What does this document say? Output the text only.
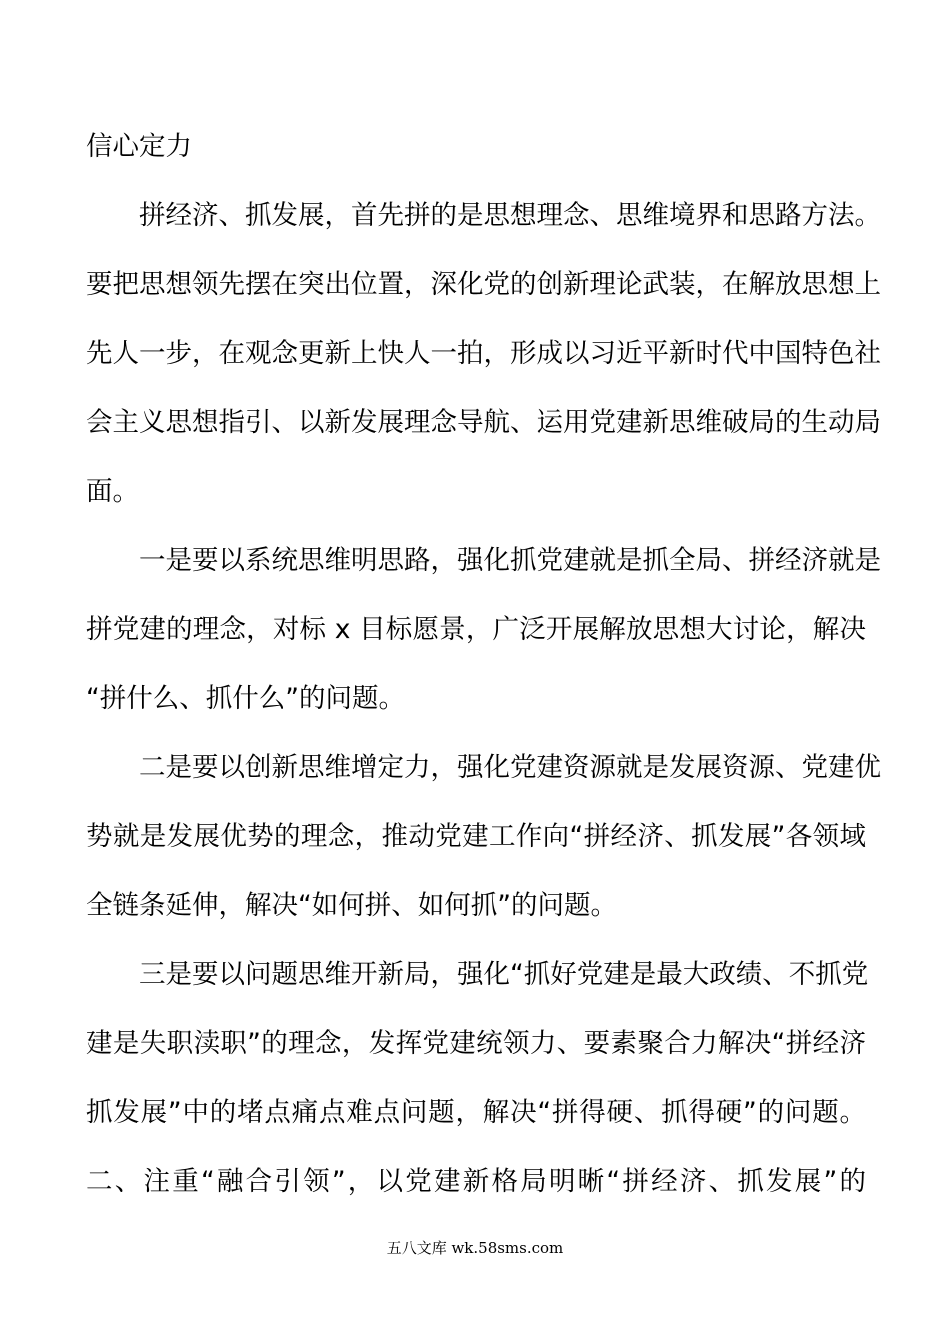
信心定力
　　拼经济、抓发展，首先拼的是思想理念、思维境界和思路方法。
要把思想领先摆在突出位置，深化党的创新理论武装，在解放思想上
先人一步，在观念更新上快人一拍，形成以习近平新时代中国特色社
会主义思想指引、以新发展理念导航、运用党建新思维破局的生动局
面。
　　一是要以系统思维明思路，强化抓党建就是抓全局、拼经济就是
拼党建的理念，对标 x 目标愿景，广泛开展解放思想大讨论，解决
“拼什么、抓什么”的问题。
　　二是要以创新思维增定力，强化党建资源就是发展资源、党建优
势就是发展优势的理念，推动党建工作向“拼经济、抓发展”各领域
全链条延伸，解决“如何拼、如何抓”的问题。
　　三是要以问题思维开新局，强化“抓好党建是最大政绩、不抓党
建是失职渎职”的理念，发挥党建统领力、要素聚合力解决“拼经济
抓发展”中的堵点痛点难点问题，解决“拼得硬、抓得硬”的问题。
二、注重“融合引领”，以党建新格局明晰“拼经济、抓发展”的
五八文库 wk.58sms.com
